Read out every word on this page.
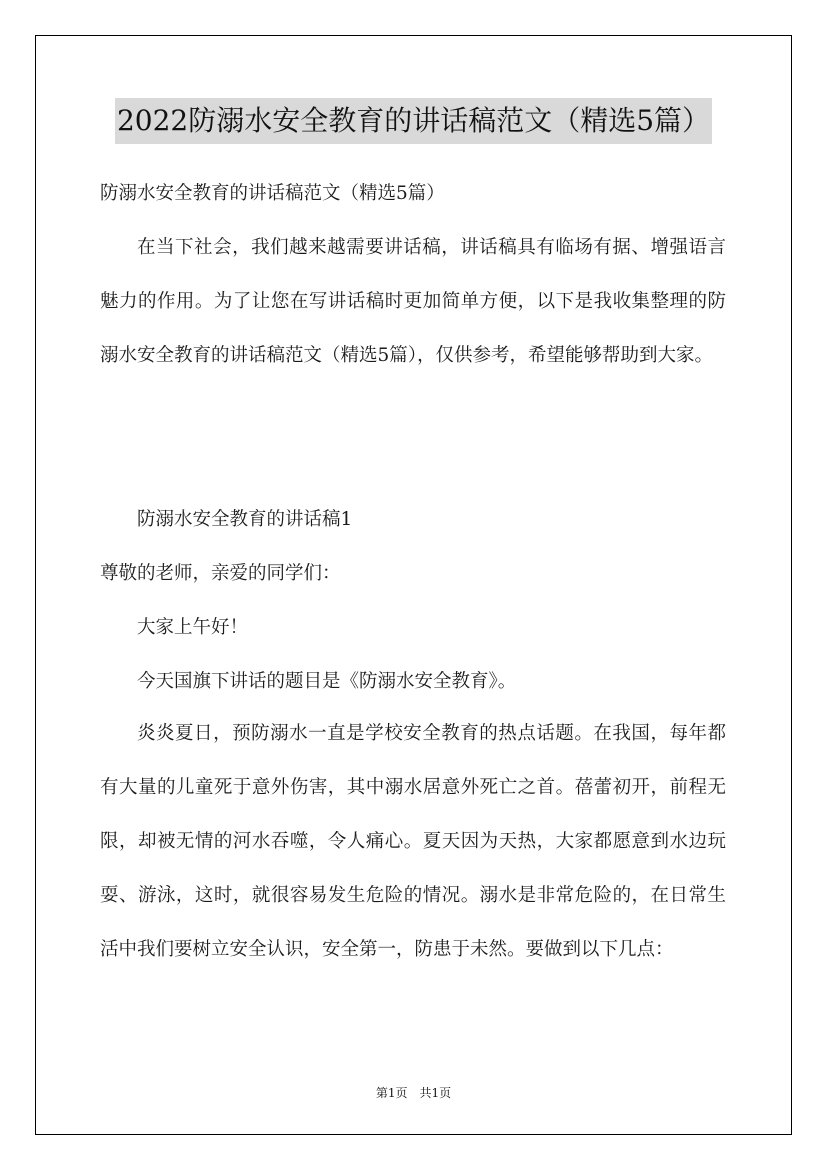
2022防溺水安全教育的讲话稿范文（精选5篇）
防溺水安全教育的讲话稿范文（精选5篇）
在当下社会，我们越来越需要讲话稿，讲话稿具有临场有据、增强语言魅力的作用。为了让您在写讲话稿时更加简单方便，以下是我收集整理的防溺水安全教育的讲话稿范文（精选5篇），仅供参考，希望能够帮助到大家。
防溺水安全教育的讲话稿1
尊敬的老师，亲爱的同学们：
大家上午好！
今天国旗下讲话的题目是《防溺水安全教育》。
炎炎夏日，预防溺水一直是学校安全教育的热点话题。在我国，每年都有大量的儿童死于意外伤害，其中溺水居意外死亡之首。蓓蕾初开，前程无限，却被无情的河水吞噬，令人痛心。夏天因为天热，大家都愿意到水边玩耍、游泳，这时，就很容易发生危险的情况。溺水是非常危险的，在日常生活中我们要树立安全认识，安全第一，防患于未然。要做到以下几点：
第1页　共1页
